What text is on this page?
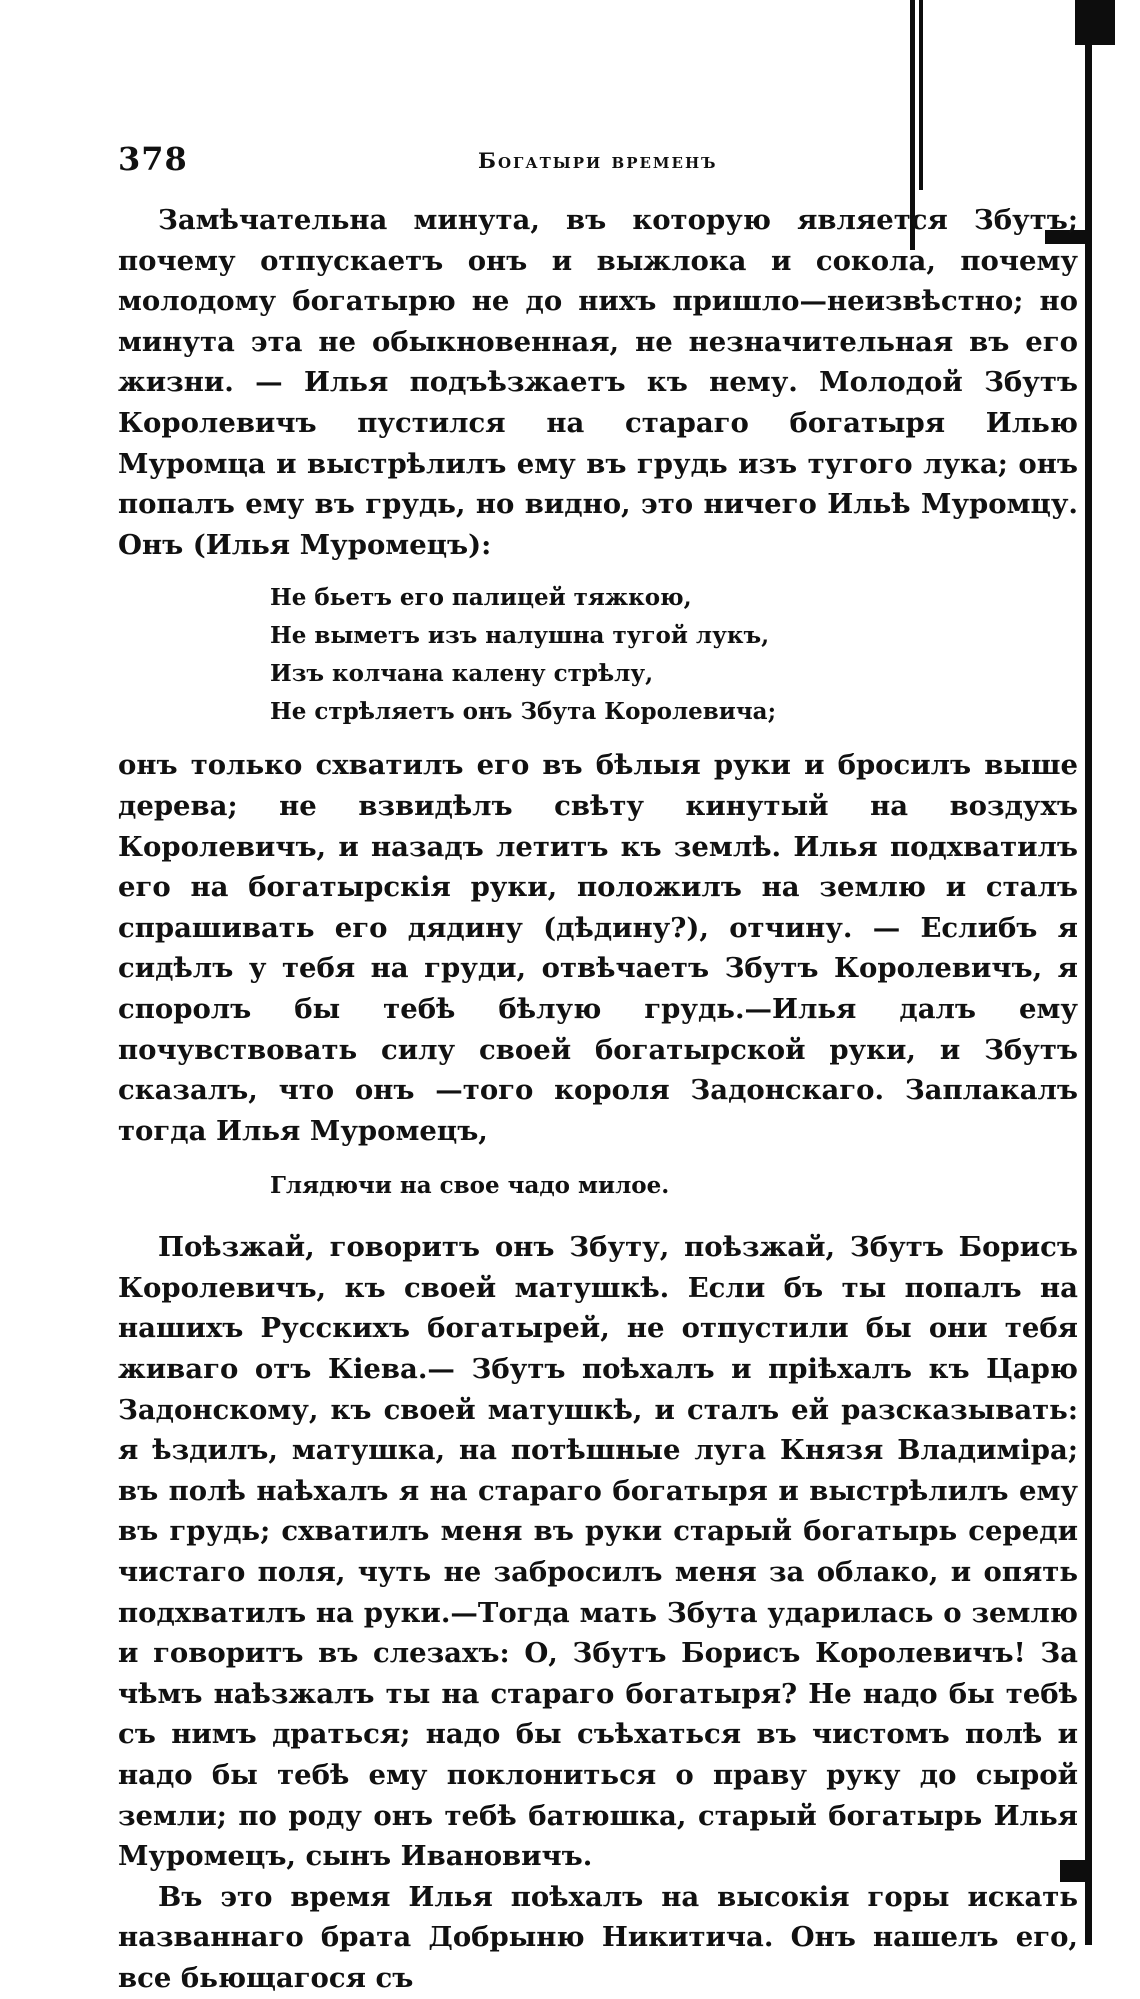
378	Богатыри временъ

Замѣчательна минута, въ которую является Збутъ; почему отпускаетъ онъ и выжлока и сокола, почему молодому богатырю не до нихъ пришло—неизвѣстно; но минута эта не обыкновенная, не незначительная въ его жизни. — Илья подъѣзжаетъ къ нему. Молодой Збутъ Королевичъ пустился на стараго богатыря Илью Муромца и выстрѣлилъ ему въ грудь изъ тугого лука; онъ попалъ ему въ грудь, но видно, это ничего Ильѣ Муромцу. Онъ (Илья Муромецъ):

Не бьетъ его палицей тяжкою,
Не выметъ изъ налушна тугой лукъ,
Изъ колчана калену стрѣлу,
Не стрѣляетъ онъ Збута Королевича;

онъ только схватилъ его въ бѣлыя руки и бросилъ выше дерева; не взвидѣлъ свѣту кинутый на воздухъ Королевичъ, и назадъ летитъ къ землѣ. Илья подхватилъ его на богатырскія руки, положилъ на землю и сталъ спрашивать его дядину (дѣдину?), отчину. — Еслибъ я сидѣлъ у тебя на груди, отвѣчаетъ Збутъ Королевичъ, я споролъ бы тебѣ бѣлую грудь.—Илья далъ ему почувствовать силу своей богатырской руки, и Збутъ сказалъ, что онъ —того короля Задонскаго. Заплакалъ тогда Илья Муромецъ,

Глядючи на свое чадо милое.

Поѣзжай, говоритъ онъ Збуту, поѣзжай, Збутъ Борисъ Королевичъ, къ своей матушкѣ. Если бъ ты попалъ на нашихъ Русскихъ богатырей, не отпустили бы они тебя живаго отъ Кіева.— Збутъ поѣхалъ и пріѣхалъ къ Царю Задонскому, къ своей матушкѣ, и сталъ ей разсказывать: я ѣздилъ, матушка, на потѣшные луга Князя Владиміра; въ полѣ наѣхалъ я на стараго богатыря и выстрѣлилъ ему въ грудь; схватилъ меня въ руки старый богатырь середи чистаго поля, чуть не забросилъ меня за облако, и опять подхватилъ на руки.—Тогда мать Збута ударилась о землю и говоритъ въ слезахъ: О, Збутъ Борисъ Королевичъ! За чѣмъ наѣзжалъ ты на стараго богатыря? Не надо бы тебѣ съ нимъ драться; надо бы съѣхаться въ чистомъ полѣ и надо бы тебѣ ему поклониться о праву руку до сырой земли; по роду онъ тебѣ батюшка, старый богатырь Илья Муромецъ, сынъ Ивановичъ.

Въ это время Илья поѣхалъ на высокія горы искать названнаго брата Добрыню Никитича. Онъ нашелъ его, все бьющагося съ
